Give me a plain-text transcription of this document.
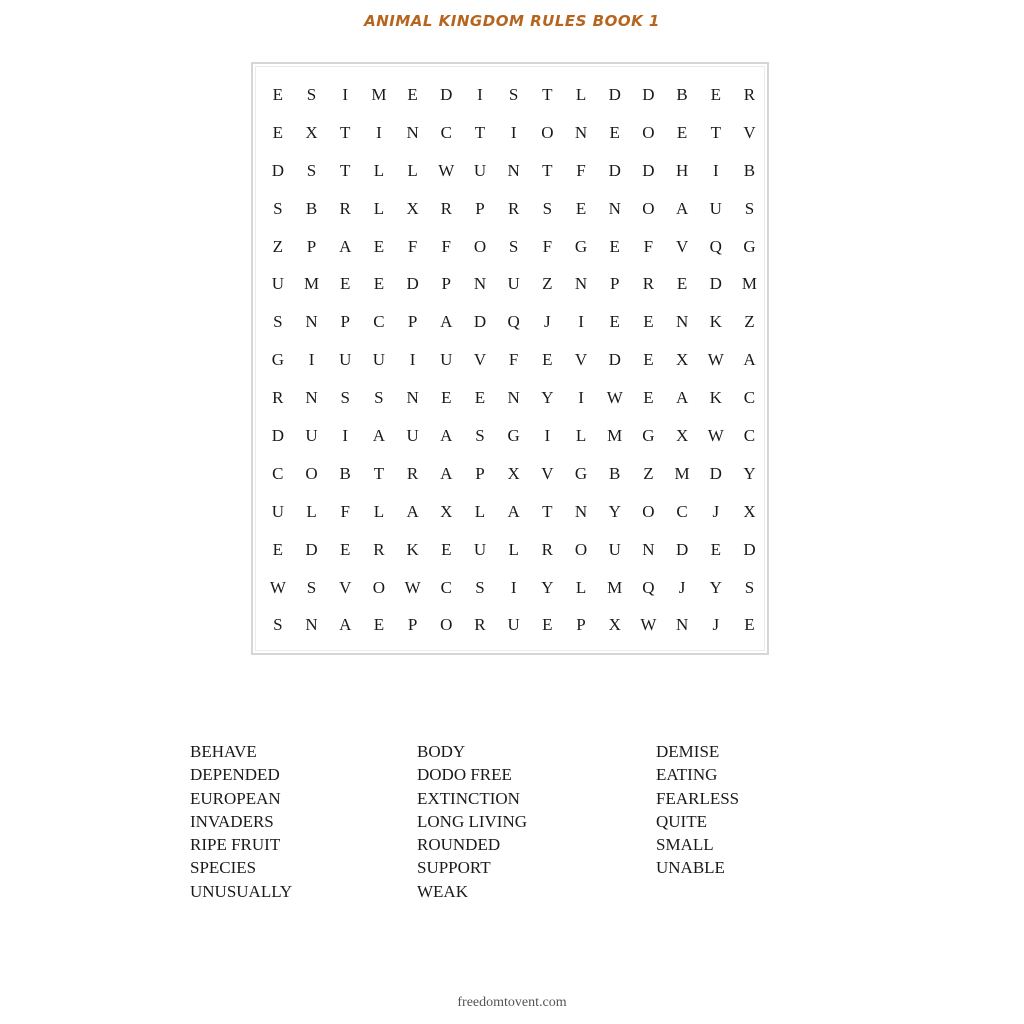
ANIMAL KINGDOM RULES BOOK 1
E S I M E D I S T L D D B E R
E X T I N C T I O N E O E T V
D S T L L W U N T F D D H I B
S B R L X R P R S E N O A U S
Z P A E F F O S F G E F V Q G
U M E E D P N U Z N P R E D M
S N P C P A D Q J I E E N K Z
G I U U I U V F E V D E X W A
R N S S N E E N Y I W E A K C
D U I A U A S G I L M G X W C
C O B T R A P X V G B Z M D Y
U L F L A X L A T N Y O C J X
E D E R K E U L R O U N D E D
W S V O W C S I Y L M Q J Y S
S N A E P O R U E P X W N J E
BEHAVE
DEPENDED
EUROPEAN
INVADERS
RIPE FRUIT
SPECIES
UNUSUALLY
BODY
DODO FREE
EXTINCTION
LONG LIVING
ROUNDED
SUPPORT
WEAK
DEMISE
EATING
FEARLESS
QUITE
SMALL
UNABLE
freedomtovent.com
